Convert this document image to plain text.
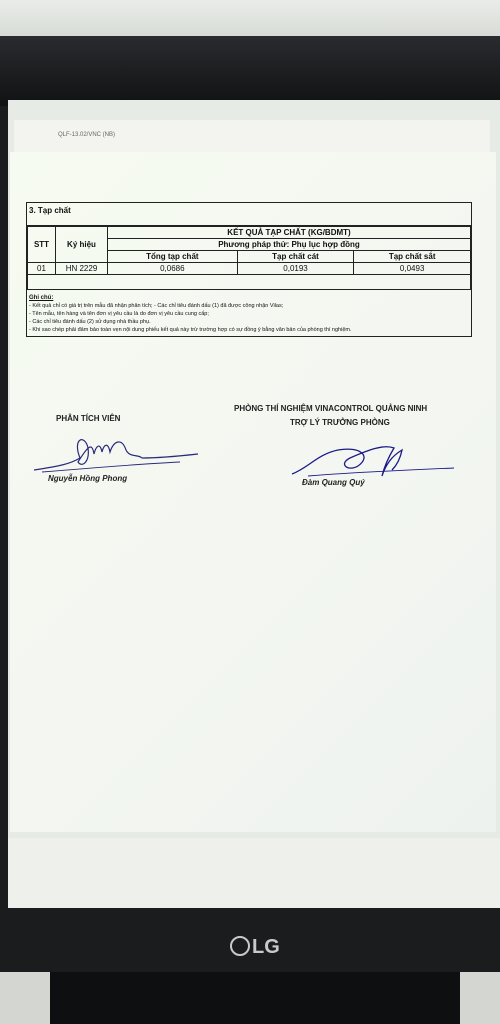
QLF-13.02/VNC (NB)
3. Tạp chất
STT	Ký hiệu	KẾT QUẢ TẠP CHẤT (KG/BDMT)		
		Phương pháp thử: Phụ lục hợp đồng		
		Tổng tạp chất	Tạp chất cát	Tạp chất sắt
01	HN 2229	0,0686	0,0193	0,0493

Ghi chú:
- Kết quả chỉ có giá trị trên mẫu đã nhận phân tích; - Các chỉ tiêu đánh dấu (1) đã được công nhận Vilas;
- Tên mẫu, tên hàng và tên đơn vị yêu cầu là do đơn vị yêu cầu cung cấp;
- Các chỉ tiêu đánh dấu (2) sử dụng nhà thầu phụ.
- Khi sao chép phải đảm bảo toàn vẹn nội dung phiếu kết quả này trừ trường hợp có sự đồng ý bằng văn bản của phòng thí nghiệm.
PHÂN TÍCH VIÊN
PHÒNG THÍ NGHIỆM VINACONTROL QUẢNG NINH
TRỢ LÝ TRƯỞNG PHÒNG
Nguyễn Hồng Phong	Đàm Quang Quý
LG
